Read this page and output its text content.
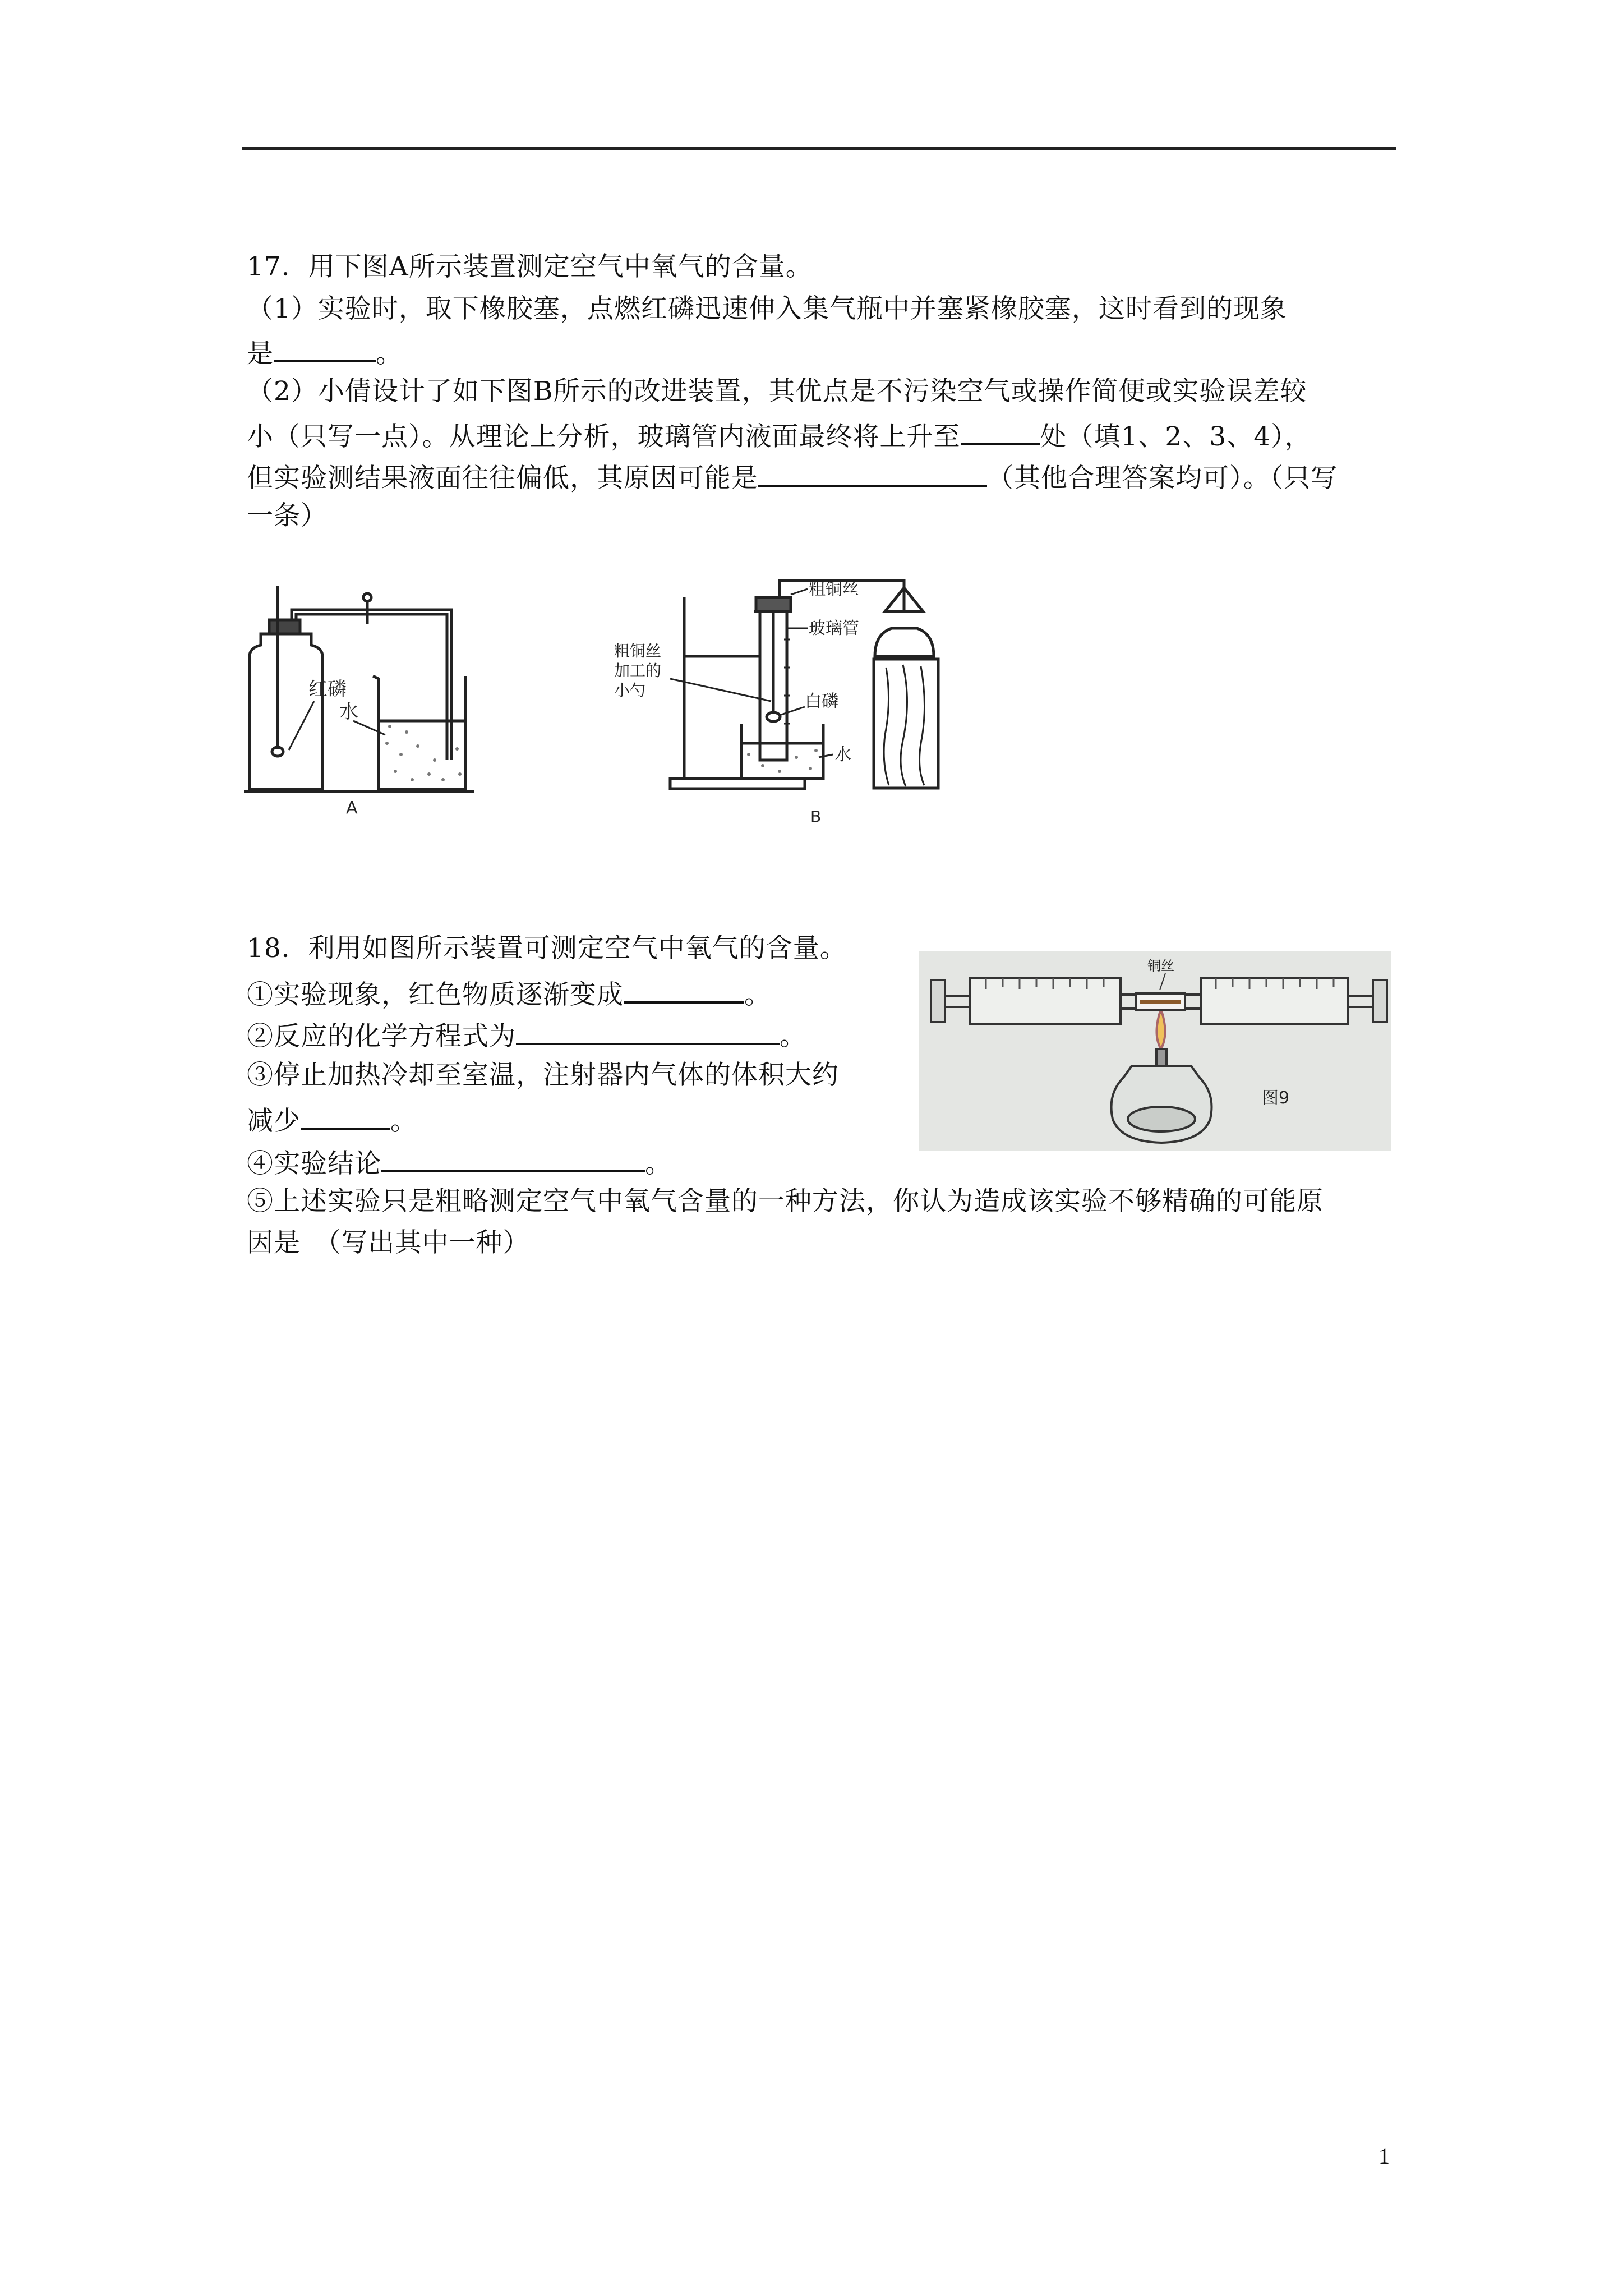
17．用下图A所示装置测定空气中氧气的含量。
（1）实验时，取下橡胶塞，点燃红磷迅速伸入集气瓶中并塞紧橡胶塞，这时看到的现象
是	。
（2）小倩设计了如下图B所示的改进装置，其优点是不污染空气或操作简便或实验误差较
小（只写一点）。从理论上分析，玻璃管内液面最终将上升至	处（填1、2、3、4），
但实验测结果液面往往偏低，其原因可能是	（其他合理答案均可）。（只写
一条）
红磷
水
A
粗铜丝
玻璃管
粗铜丝
加工的
小勺
白磷
水
B
18．利用如图所示装置可测定空气中氧气的含量。
①实验现象，红色物质逐渐变成	。
②反应的化学方程式为	。
③停止加热冷却至室温，注射器内气体的体积大约
减少	。
④实验结论	。
⑤上述实验只是粗略测定空气中氧气含量的一种方法，你认为造成该实验不够精确的可能原
因是　（写出其中一种）
铜丝
图9
1
